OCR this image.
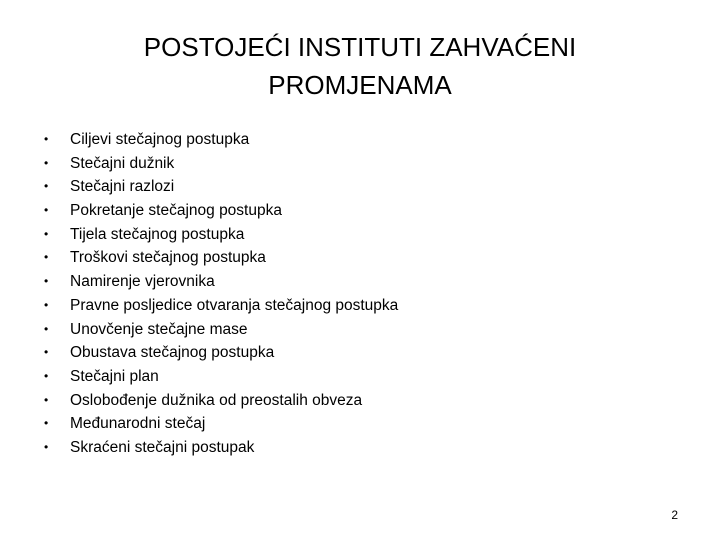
POSTOJEĆI INSTITUTI ZAHVAĆENI
PROMJENAMA
• Ciljevi stečajnog postupka
• Stečajni dužnik
• Stečajni razlozi
• Pokretanje stečajnog postupka
• Tijela stečajnog postupka
• Troškovi stečajnog postupka
• Namirenje vjerovnika
• Pravne posljedice otvaranja stečajnog postupka
• Unovčenje stečajne mase
• Obustava stečajnog postupka
• Stečajni plan
• Oslobođenje dužnika od preostalih obveza
• Međunarodni stečaj
• Skraćeni stečajni postupak
2
